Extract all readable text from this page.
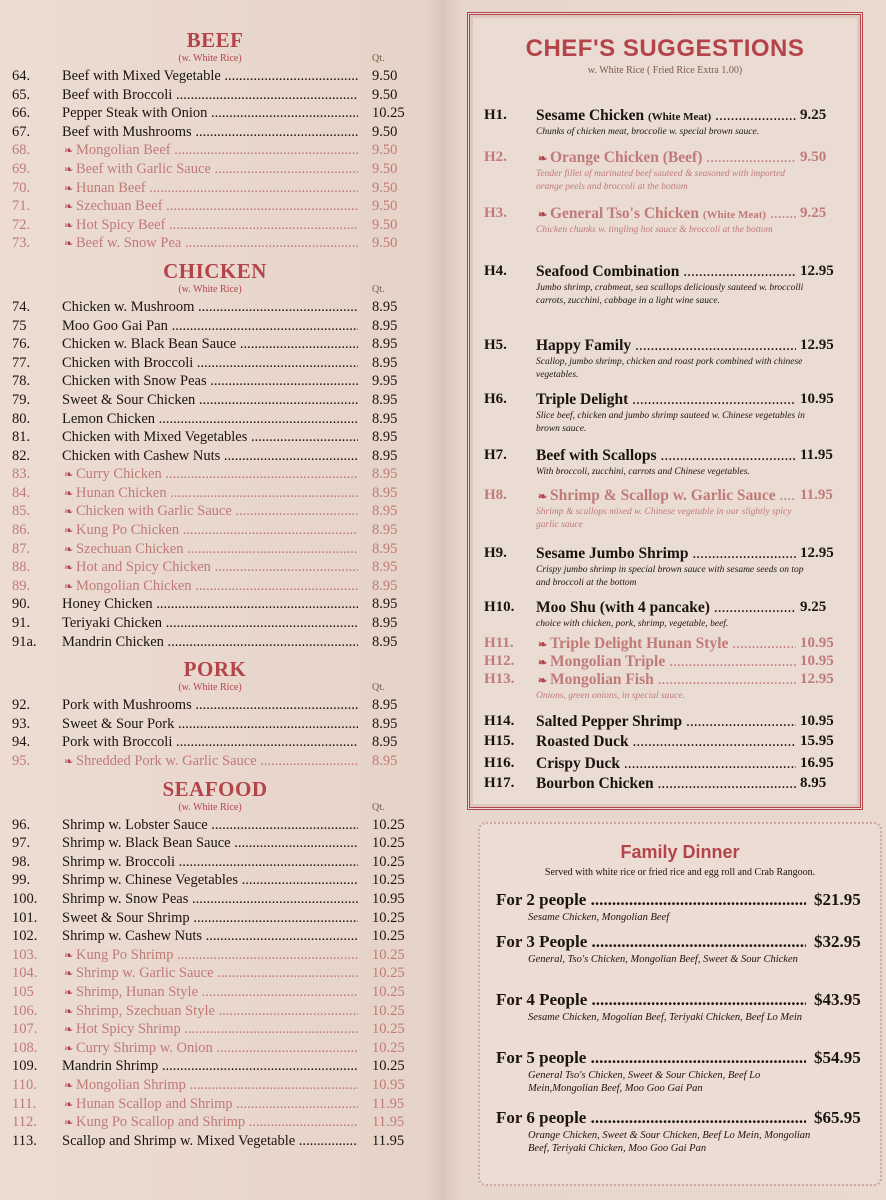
BEEF
(w. White Rice)	Qt.
64.	Beef with Mixed Vegetable .....	9.50
65.	Beef with Broccoli .....	9.50
66.	Pepper Steak with Onion .....	10.25
67.	Beef with Mushrooms .....	9.50
68.	❧ Mongolian Beef .....	9.50
69.	❧ Beef with Garlic Sauce .....	9.50
70.	❧ Hunan Beef .....	9.50
71.	❧ Szechuan Beef .....	9.50
72.	❧ Hot Spicy Beef .....	9.50
73.	❧ Beef w. Snow Pea .....	9.50
CHICKEN
(w. White Rice)	Qt.
74.	Chicken w. Mushroom .....	8.95
75	Moo Goo Gai Pan .....	8.95
76.	Chicken w. Black Bean Sauce .....	8.95
77.	Chicken with Broccoli .....	8.95
78.	Chicken with Snow Peas .....	9.95
79.	Sweet & Sour Chicken .....	8.95
80.	Lemon Chicken .....	8.95
81.	Chicken with Mixed Vegetables .....	8.95
82.	Chicken with Cashew Nuts .....	8.95
83.	❧ Curry Chicken .....	8.95
84.	❧ Hunan Chicken .....	8.95
85.	❧ Chicken with Garlic Sauce .....	8.95
86.	❧ Kung Po Chicken .....	8.95
87.	❧ Szechuan Chicken .....	8.95
88.	❧ Hot and Spicy Chicken .....	8.95
89.	❧ Mongolian Chicken .....	8.95
90.	Honey Chicken .....	8.95
91.	Teriyaki Chicken .....	8.95
91a.	Mandrin Chicken .....	8.95
PORK
(w. White Rice)	Qt.
92.	Pork with Mushrooms .....	8.95
93.	Sweet & Sour Pork .....	8.95
94.	Pork with Broccoli .....	8.95
95.	❧ Shredded Pork w. Garlic Sauce .....	8.95
SEAFOOD
(w. White Rice)	Qt.
96.	Shrimp w. Lobster Sauce .....	10.25
97.	Shrimp w. Black Bean Sauce .....	10.25
98.	Shrimp w. Broccoli .....	10.25
99.	Shrimp w. Chinese Vegetables .....	10.25
100.	Shrimp w. Snow Peas .....	10.95
101.	Sweet & Sour Shrimp .....	10.25
102.	Shrimp w. Cashew Nuts .....	10.25
103.	❧ Kung Po Shrimp .....	10.25
104.	❧ Shrimp w. Garlic Sauce .....	10.25
105	❧ Shrimp, Hunan Style .....	10.25
106.	❧ Shrimp, Szechuan Style .....	10.25
107.	❧ Hot Spicy Shrimp .....	10.25
108.	❧ Curry Shrimp w. Onion .....	10.25
109.	Mandrin Shrimp .....	10.25
110.	❧ Mongolian Shrimp .....	10.95
111.	❧ Hunan Scallop and Shrimp .....	11.95
112.	❧ Kung Po Scallop and Shrimp .....	11.95
113.	Scallop and Shrimp w. Mixed Vegetable .....	11.95
CHEF'S SUGGESTIONS
w. White Rice ( Fried Rice Extra 1.00)
H1. Sesame Chicken (White Meat) .....	9.25
Chunks of chicken meat, broccolie w. special brown sauce.
H2.	❧ Orange Chicken (Beef) .....	9.50
Tender fillet of marinated beef sauteed & seasoned with imported orange peels and broccoli at the bottom
H3.	❧ General Tso's Chicken (White Meat) .....	9.25
Chicken chunks w. tingling hot sauce & broccoli at the bottom
H4. Seafood Combination .....	12.95
Jumbo shrimp, crabmeat, sea scallops deliciously sauteed w. broccolli carrots, zucchini, cabbage in a light wine sauce.
H5. Happy Family .....	12.95
Scallop, jumbo shrimp, chicken and roast pork combined with chinese vegetables.
H6. Triple Delight .....	10.95
Slice beef, chicken and jumbo shrimp sauteed w. Chinese vegetables in brown sauce.
H7. Beef with Scallops .....	11.95
With broccoli, zucchini, carrots and Chinese vegetables.
H8.	❧ Shrimp & Scallop w. Garlic Sauce .....	11.95
Shrimp & scallops mixed w. Chinese vegetable in our slightly spicy garlic sauce
H9. Sesame Jumbo Shrimp .....	12.95
Crispy jumbo shrimp in special brown sauce with sesame seeds on top and broccoli at the bottom
H10. Moo Shu (with 4 pancake) .....	9.25
choice with chicken, pork, shrimp, vegetable, beef.
H11. ❧ Triple Delight Hunan Style .....	10.95
H12. ❧ Mongolian Triple .....	10.95
H13. ❧ Mongolian Fish .....	12.95
Onions, green onions, in special sauce.
H14. Salted Pepper Shrimp .....	10.95
H15. Roasted Duck .....	15.95
H16. Crispy Duck .....	16.95
H17. Bourbon Chicken .....	8.95
Family Dinner
Served with white rice or fried rice and egg roll and Crab Rangoon.
For 2 people .....	$21.95
Sesame Chicken, Mongolian Beef
For 3 People .....	$32.95
General, Tso's Chicken, Mongolian Beef, Sweet & Sour Chicken
For 4 People .....	$43.95
Sesame Chicken, Mogolian Beef, Teriyaki Chicken, Beef Lo Mein
For 5 people .....	$54.95
General Tso's Chicken, Sweet & Sour Chicken, Beef Lo Mein,Mongolian Beef, Moo Goo Gai Pan
For 6 people .....	$65.95
Orange Chicken, Sweet & Sour Chicken, Beef Lo Mein, Mongolian Beef, Teriyaki Chicken, Moo Goo Gai Pan
